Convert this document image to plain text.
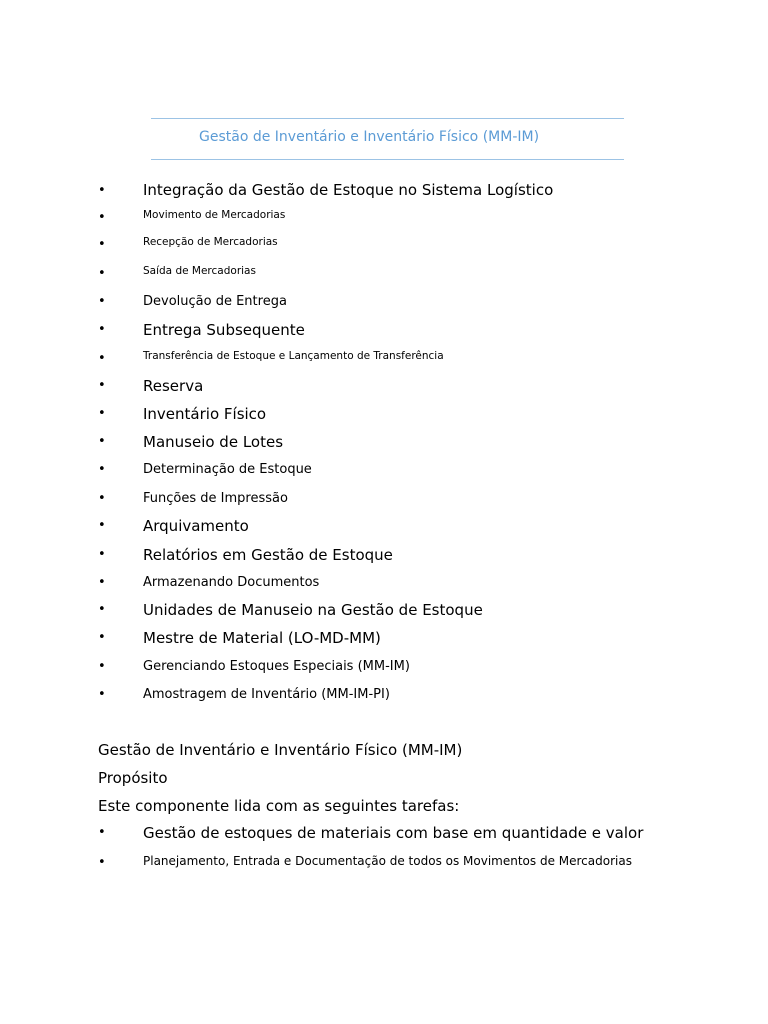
Gestão de Inventário e Inventário Físico (MM-IM)
• Integração da Gestão de Estoque no Sistema Logístico
•	Movimento de Mercadorias
•	Recepção de Mercadorias
•	Saída de Mercadorias
•	Devolução de Entrega
• Entrega Subsequente
•	Transferência de Estoque e Lançamento de Transferência
• Reserva
• Inventário Físico
• Manuseio de Lotes
•	Determinação de Estoque
•	Funções de Impressão
• Arquivamento
• Relatórios em Gestão de Estoque
•	Armazenando Documentos
• Unidades de Manuseio na Gestão de Estoque
• Mestre de Material (LO-MD-MM)
•	Gerenciando Estoques Especiais (MM-IM)
•	Amostragem de Inventário (MM-IM-PI)
Gestão de Inventário e Inventário Físico (MM-IM)
Propósito
Este componente lida com as seguintes tarefas:
• Gestão de estoques de materiais com base em quantidade e valor
•	Planejamento, Entrada e Documentação de todos os Movimentos de Mercadorias
